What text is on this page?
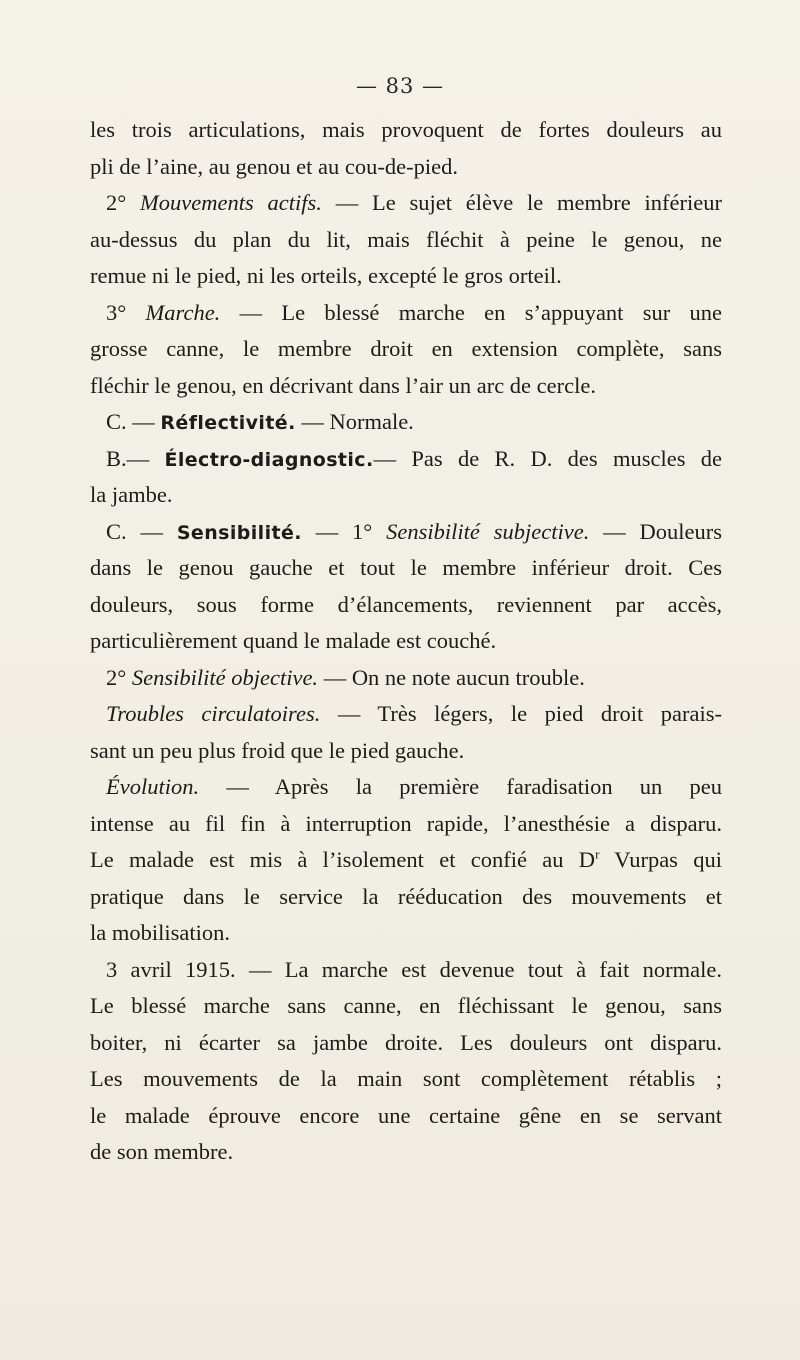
— 83 —
les trois articulations, mais provoquent de fortes douleurs au
pli de l’aine, au genou et au cou-de-pied.
2° Mouvements actifs. — Le sujet élève le membre inférieur
au-dessus du plan du lit, mais fléchit à peine le genou, ne
remue ni le pied, ni les orteils, excepté le gros orteil.
3° Marche. — Le blessé marche en s’appuyant sur une
grosse canne, le membre droit en extension complète, sans
fléchir le genou, en décrivant dans l’air un arc de cercle.
C. — Réflectivité. — Normale.
B.— Électro-diagnostic.— Pas de R. D. des muscles de
la jambe.
C. — Sensibilité. — 1° Sensibilité subjective. — Douleurs
dans le genou gauche et tout le membre inférieur droit. Ces
douleurs, sous forme d’élancements, reviennent par accès,
particulièrement quand le malade est couché.
2° Sensibilité objective. — On ne note aucun trouble.
Troubles circulatoires. — Très légers, le pied droit parais-
sant un peu plus froid que le pied gauche.
Évolution. — Après la première faradisation un peu
intense au fil fin à interruption rapide, l’anesthésie a disparu.
Le malade est mis à l’isolement et confié au $D^r$ Vurpas qui
pratique dans le service la rééducation des mouvements et
la mobilisation.
3 avril 1915. — La marche est devenue tout à fait normale.
Le blessé marche sans canne, en fléchissant le genou, sans
boiter, ni écarter sa jambe droite. Les douleurs ont disparu.
Les mouvements de la main sont complètement rétablis ;
le malade éprouve encore une certaine gêne en se servant
de son membre.
